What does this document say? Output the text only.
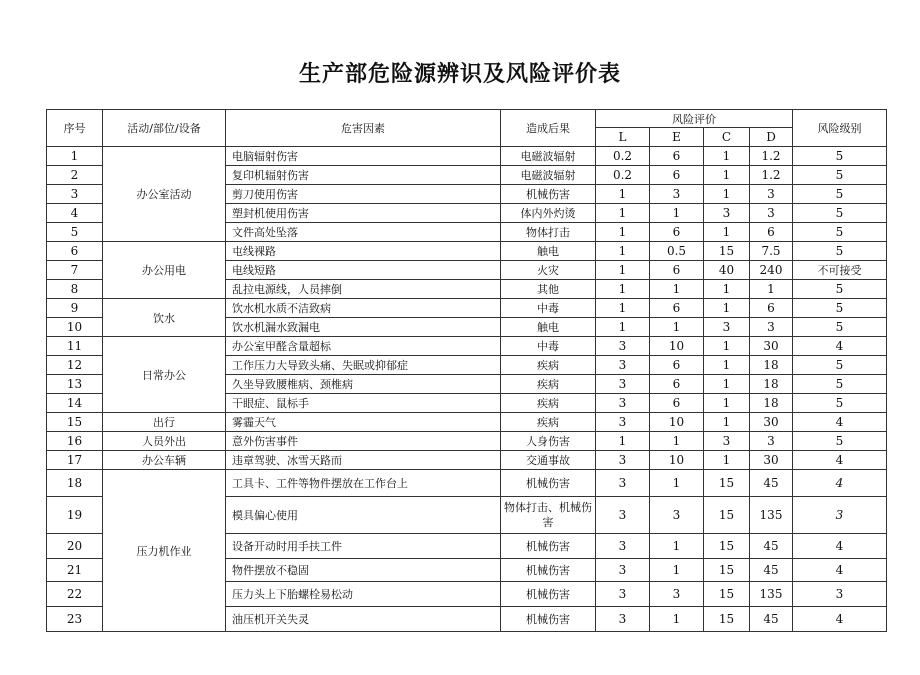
生产部危险源辨识及风险评价表
序号	活动/部位/设备	危害因素	造成后果	风险评价				风险级别
				L	E	C	D	
1	办公室活动	电脑辐射伤害	电磁波辐射	0.2	6	1	1.2	5
2		复印机辐射伤害	电磁波辐射	0.2	6	1	1.2	5
3		剪刀使用伤害	机械伤害	1	3	1	3	5
4		塑封机使用伤害	体内外灼烫	1	1	3	3	5
5		文件高处坠落	物体打击	1	6	1	6	5
6	办公用电	屯线裸路	触电	1	0.5	15	7.5	5
7		电线短路	火灾	1	6	40	240	不可接受
8		乱拉电源线，人员摔倒	其他	1	1	1	1	5
9	饮水	饮水机水质不洁致病	中毒	1	6	1	6	5
10		饮水机漏水致漏电	触电	1	1	3	3	5
11	日常办公	办公室甲醛含量超标	中毒	3	10	1	30	4
12		工作压力大导致头痛、失眠或抑郁症	疾病	3	6	1	18	5
13		久坐导致腰椎病、颈椎病	疾病	3	6	1	18	5
14		干眼症、鼠标手	疾病	3	6	1	18	5
15	出行	雾霾天气	疾病	3	10	1	30	4
16	人员外出	意外伤害事件	人身伤害	1	1	3	3	5
17	办公车辆	违章驾驶、冰雪天路而	交通事故	3	10	1	30	4
18	压力机作业	工具卡、工件等物件摆放在工作台上	机械伤害	3	1	15	45	4
19		模具偏心使用	物体打击、机械伤害	3	3	15	135	3
20		设备开动时用手扶工件	机械伤害	3	1	15	45	4
21		物件摆放不稳固	机械伤害	3	1	15	45	4
22		压力头上下胎螺栓易松动	机械伤害	3	3	15	135	3
23		油压机开关失灵	机械伤害	3	1	15	45	4
